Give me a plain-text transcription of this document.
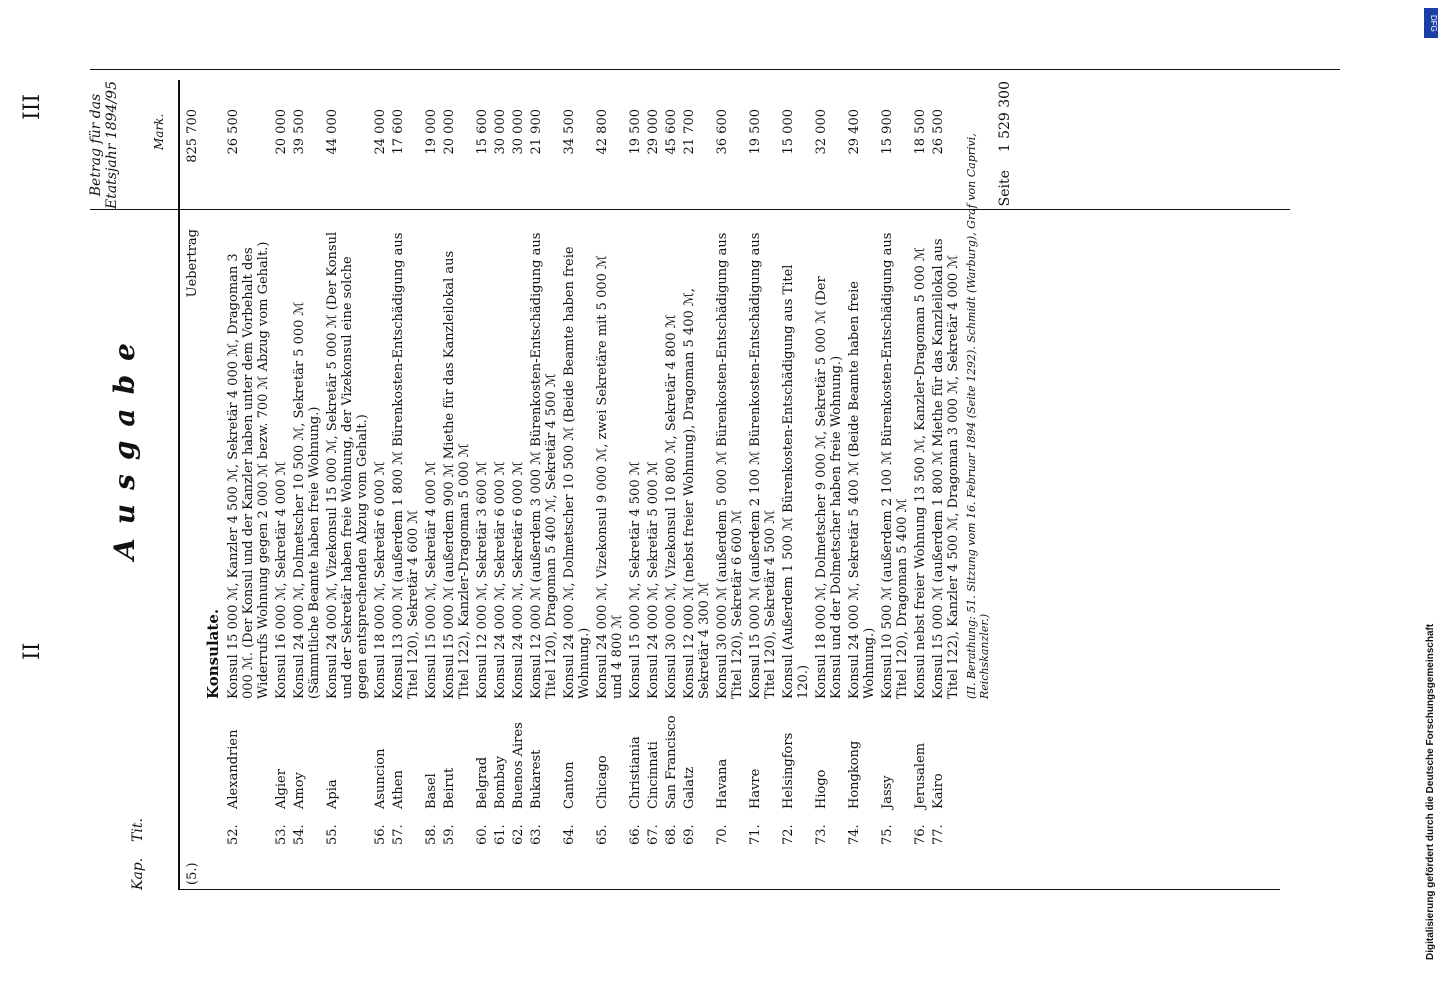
II
III
Kap.
Tit.
Ausgabe
Betrag für das Etatsjahr 1894/95	Mark.
(5.)
Uebertrag
825 700
Konsulate.
52.
Alexandrien
Konsul 15 000 ℳ, Kanzler 4 500 ℳ, Sekretär 4 000 ℳ, Dragoman 3 000 ℳ. (Der Konsul und der Kanzler haben unter dem Vorbehalt des Widerrufs Wohnung gegen 2 000 ℳ bezw. 700 ℳ Abzug vom Gehalt.)
26 500
53.
Algier
Konsul 16 000 ℳ, Sekretär 4 000 ℳ
20 000
54.
Amoy
Konsul 24 000 ℳ, Dolmetscher 10 500 ℳ, Sekretär 5 000 ℳ (Sämmtliche Beamte haben freie Wohnung.)
39 500
55.
Apia
Konsul 24 000 ℳ, Vizekonsul 15 000 ℳ, Sekretär 5 000 ℳ (Der Konsul und der Sekretär haben freie Wohnung, der Vizekonsul eine solche gegen entsprechenden Abzug vom Gehalt.)
44 000
56.
Asuncion
Konsul 18 000 ℳ, Sekretär 6 000 ℳ
24 000
57.
Athen
Konsul 13 000 ℳ (außerdem 1 800 ℳ Bürenkosten-Entschädigung aus Titel 120), Sekretär 4 600 ℳ
17 600
58.
Basel
Konsul 15 000 ℳ, Sekretär 4 000 ℳ
19 000
59.
Beirut
Konsul 15 000 ℳ (außerdem 900 ℳ Miethe für das Kanzleilokal aus Titel 122), Kanzler-Dragoman 5 000 ℳ
20 000
60.
Belgrad
Konsul 12 000 ℳ, Sekretär 3 600 ℳ
15 600
61.
Bombay
Konsul 24 000 ℳ, Sekretär 6 000 ℳ
30 000
62.
Buenos Aires
Konsul 24 000 ℳ, Sekretär 6 000 ℳ
30 000
63.
Bukarest
Konsul 12 000 ℳ (außerdem 3 000 ℳ Bürenkosten-Entschädigung aus Titel 120), Dragoman 5 400 ℳ, Sekretär 4 500 ℳ
21 900
64.
Canton
Konsul 24 000 ℳ, Dolmetscher 10 500 ℳ (Beide Beamte haben freie Wohnung.)
34 500
65.
Chicago
Konsul 24 000 ℳ, Vizekonsul 9 000 ℳ, zwei Sekretäre mit 5 000 ℳ und 4 800 ℳ
42 800
66.
Christiania
Konsul 15 000 ℳ, Sekretär 4 500 ℳ
19 500
67.
Cincinnati
Konsul 24 000 ℳ, Sekretär 5 000 ℳ
29 000
68.
San Francisco
Konsul 30 000 ℳ, Vizekonsul 10 800 ℳ, Sekretär 4 800 ℳ
45 600
69.
Galatz
Konsul 12 000 ℳ (nebst freier Wohnung), Dragoman 5 400 ℳ, Sekretär 4 300 ℳ
21 700
70.
Havana
Konsul 30 000 ℳ (außerdem 5 000 ℳ Bürenkosten-Entschädigung aus Titel 120), Sekretär 6 600 ℳ
36 600
71.
Havre
Konsul 15 000 ℳ (außerdem 2 100 ℳ Bürenkosten-Entschädigung aus Titel 120), Sekretär 4 500 ℳ
19 500
72.
Helsingfors
Konsul (Außerdem 1 500 ℳ Bürenkosten-Entschädigung aus Titel 120.)
15 000
73.
Hiogo
Konsul 18 000 ℳ, Dolmetscher 9 000 ℳ, Sekretär 5 000 ℳ (Der Konsul und der Dolmetscher haben freie Wohnung.)
32 000
74.
Hongkong
Konsul 24 000 ℳ, Sekretär 5 400 ℳ (Beide Beamte haben freie Wohnung.)
29 400
75.
Jassy
Konsul 10 500 ℳ (außerdem 2 100 ℳ Bürenkosten-Entschädigung aus Titel 120), Dragoman 5 400 ℳ
15 900
76.
Jerusalem
Konsul nebst freier Wohnung 13 500 ℳ, Kanzler-Dragoman 5 000 ℳ
18 500
77.
Kairo
Konsul 15 000 ℳ (außerdem 1 800 ℳ Miethe für das Kanzleilokal aus Titel 122), Kanzler 4 500 ℳ, Dragoman 3 000 ℳ, Sekretär 4 000 ℳ
26 500
(II. Berathung: 51. Sitzung vom 16. Februar 1894 (Seite 1292). Schmidt (Warburg), Graf von Caprivi, Reichskanzler.)
Seite    1 529 300
Digitalisierung gefördert durch die Deutsche Forschungsgemeinschaft
DFG
